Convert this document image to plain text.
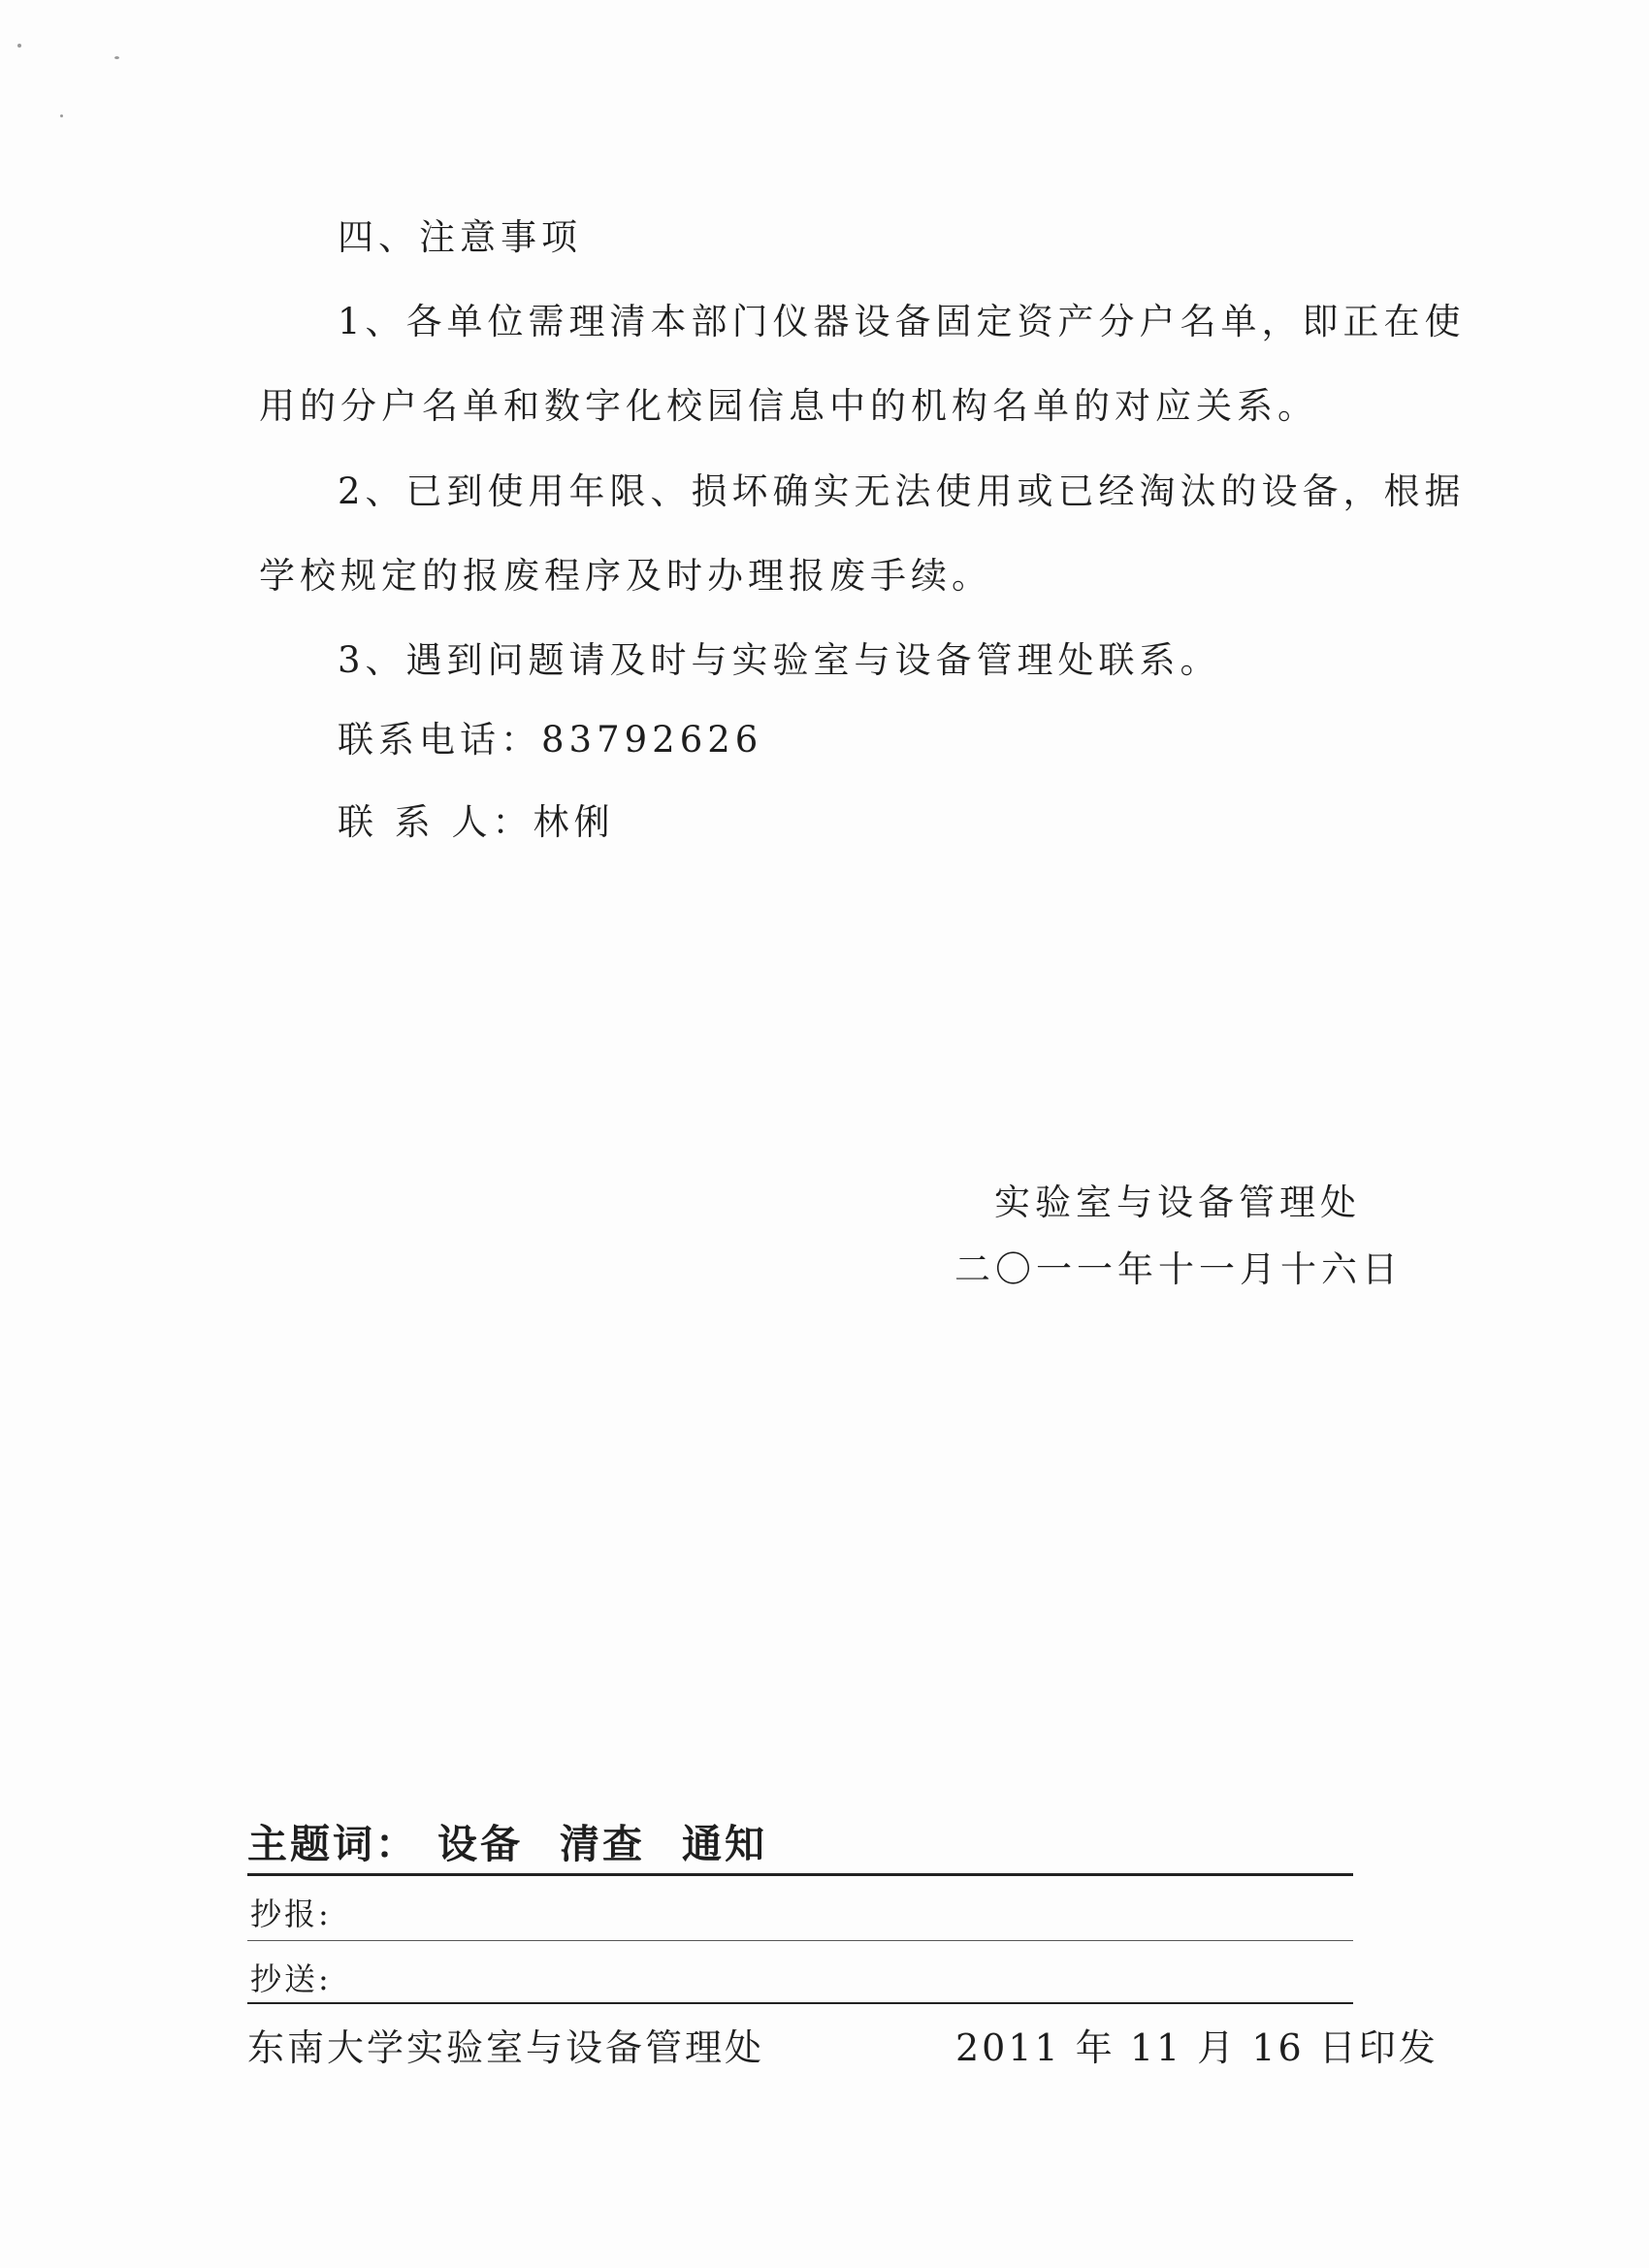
四、注意事项
1、各单位需理清本部门仪器设备固定资产分户名单，即正在使
用的分户名单和数字化校园信息中的机构名单的对应关系。
2、已到使用年限、损坏确实无法使用或已经淘汰的设备，根据
学校规定的报废程序及时办理报废手续。
3、遇到问题请及时与实验室与设备管理处联系。
联系电话：83792626
联 系 人：林俐
实验室与设备管理处
二〇一一年十一月十六日
主题词： 设备 清查 通知
抄报:
抄送:
东南大学实验室与设备管理处	2011 年 11 月 16 日印发
